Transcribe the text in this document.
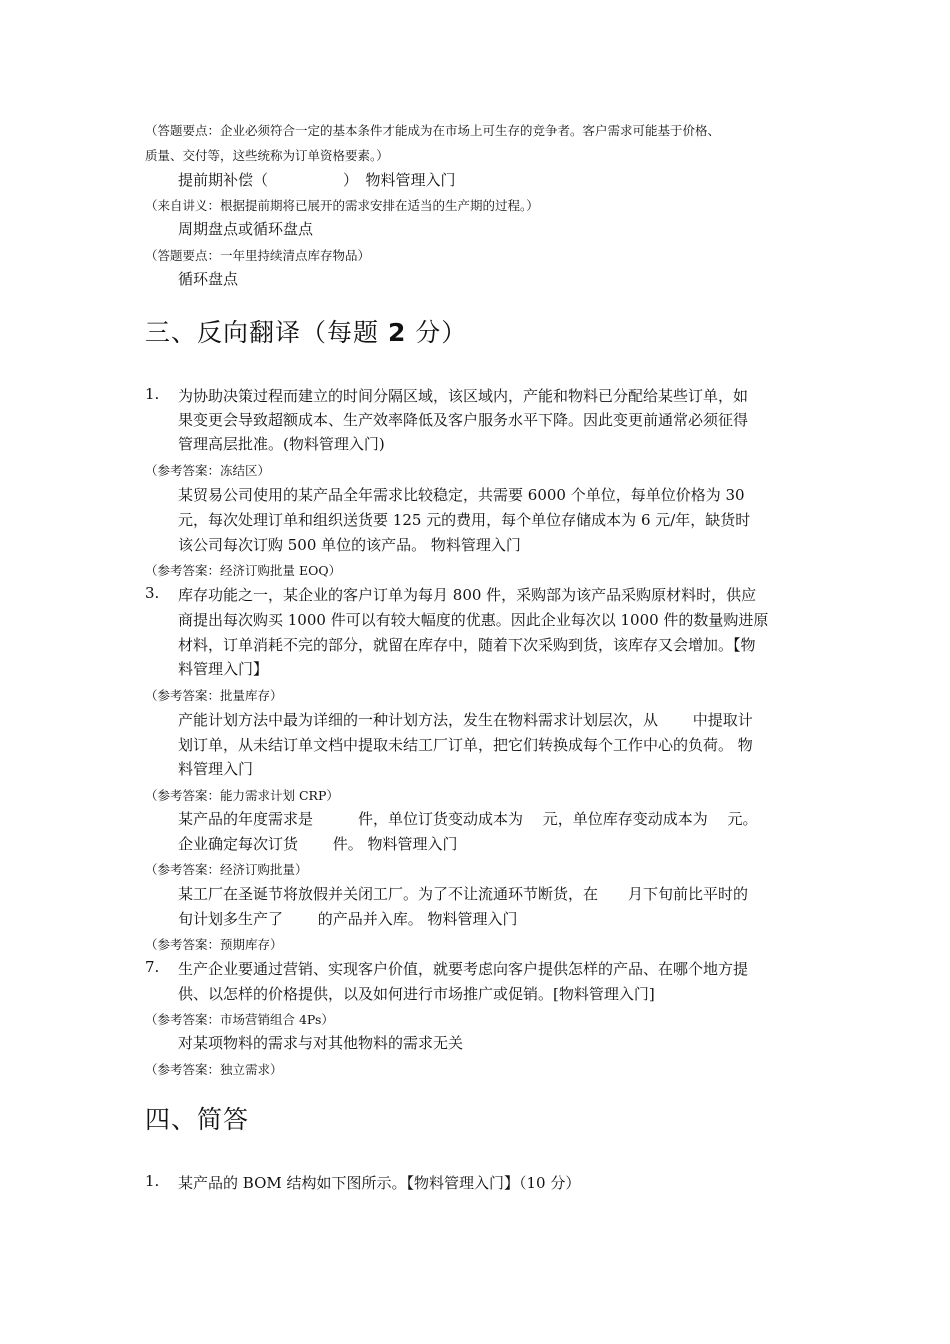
（答题要点：企业必须符合一定的基本条件才能成为在市场上可生存的竞争者。客户需求可能基于价格、
质量、交付等，这些统称为订单资格要素。）
提前期补偿（　　　　　）　物料管理入门
（来自讲义：根据提前期将已展开的需求安排在适当的生产期的过程。）
周期盘点或循环盘点
（答题要点：一年里持续清点库存物品）
循环盘点
三、反向翻译（每题 2 分）
1. 为协助决策过程而建立的时间分隔区域，该区域内，产能和物料已分配给某些订单，如
果变更会导致超额成本、生产效率降低及客户服务水平下降。因此变更前通常必须征得
管理高层批准。(物料管理入门)
（参考答案：冻结区）
某贸易公司使用的某产品全年需求比较稳定，共需要 6000 个单位，每单位价格为 30
元，每次处理订单和组织送货要 125 元的费用，每个单位存储成本为 6 元/年，缺货时
该公司每次订购 500 单位的该产品。 物料管理入门
（参考答案：经济订购批量 EOQ）
3. 库存功能之一，某企业的客户订单为每月 800 件，采购部为该产品采购原材料时，供应
商提出每次购买 1000 件可以有较大幅度的优惠。因此企业每次以 1000 件的数量购进原
材料，订单消耗不完的部分，就留在库存中，随着下次采购到货，该库存又会增加。【物
料管理入门】
（参考答案：批量库存）
产能计划方法中最为详细的一种计划方法，发生在物料需求计划层次，从　　 中提取计
划订单，从未结订单文档中提取未结工厂订单，把它们转换成每个工作中心的负荷。 物
料管理入门
（参考答案：能力需求计划 CRP）
某产品的年度需求是　　　件，单位订货变动成本为　 元，单位库存变动成本为　 元。
企业确定每次订货　　 件。 物料管理入门
（参考答案：经济订购批量）
某工厂在圣诞节将放假并关闭工厂。为了不让流通环节断货，在　　月下旬前比平时的
旬计划多生产了　　 的产品并入库。 物料管理入门
（参考答案：预期库存）
7. 生产企业要通过营销、实现客户价值，就要考虑向客户提供怎样的产品、在哪个地方提
供、以怎样的价格提供，以及如何进行市场推广或促销。[物料管理入门]
（参考答案：市场营销组合 4Ps）
对某项物料的需求与对其他物料的需求无关
（参考答案：独立需求）
四、简答
1. 某产品的 BOM 结构如下图所示。【物料管理入门】（10 分）
